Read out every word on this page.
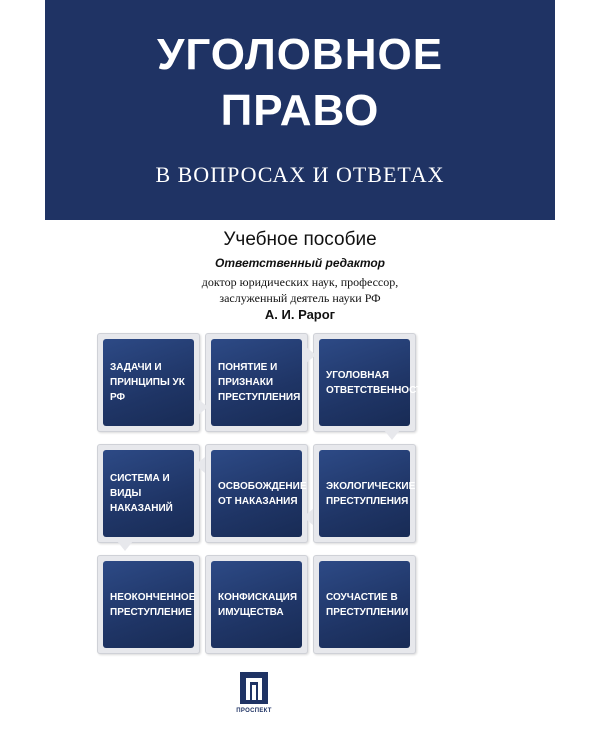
УГОЛОВНОЕ
ПРАВО
В ВОПРОСАХ И ОТВЕТАХ
Учебное пособие
Ответственный редактор
доктор юридических наук, профессор,
заслуженный деятель науки РФ
А. И. Рарог
ЗАДАЧИ И ПРИНЦИПЫ УК РФ
ПОНЯТИЕ И ПРИЗНАКИ ПРЕСТУПЛЕНИЯ
УГОЛОВНАЯ ОТВЕТСТВЕННОСТЬ
СИСТЕМА И ВИДЫ НАКАЗАНИЙ
ОСВОБОЖДЕНИЕ ОТ НАКАЗАНИЯ
ЭКОЛОГИЧЕСКИЕ ПРЕСТУПЛЕНИЯ
НЕОКОНЧЕННОЕ ПРЕСТУПЛЕНИЕ
КОНФИСКАЦИЯ ИМУЩЕСТВА
СОУЧАСТИЕ В ПРЕСТУПЛЕНИИ
ПРОСПЕКТ
